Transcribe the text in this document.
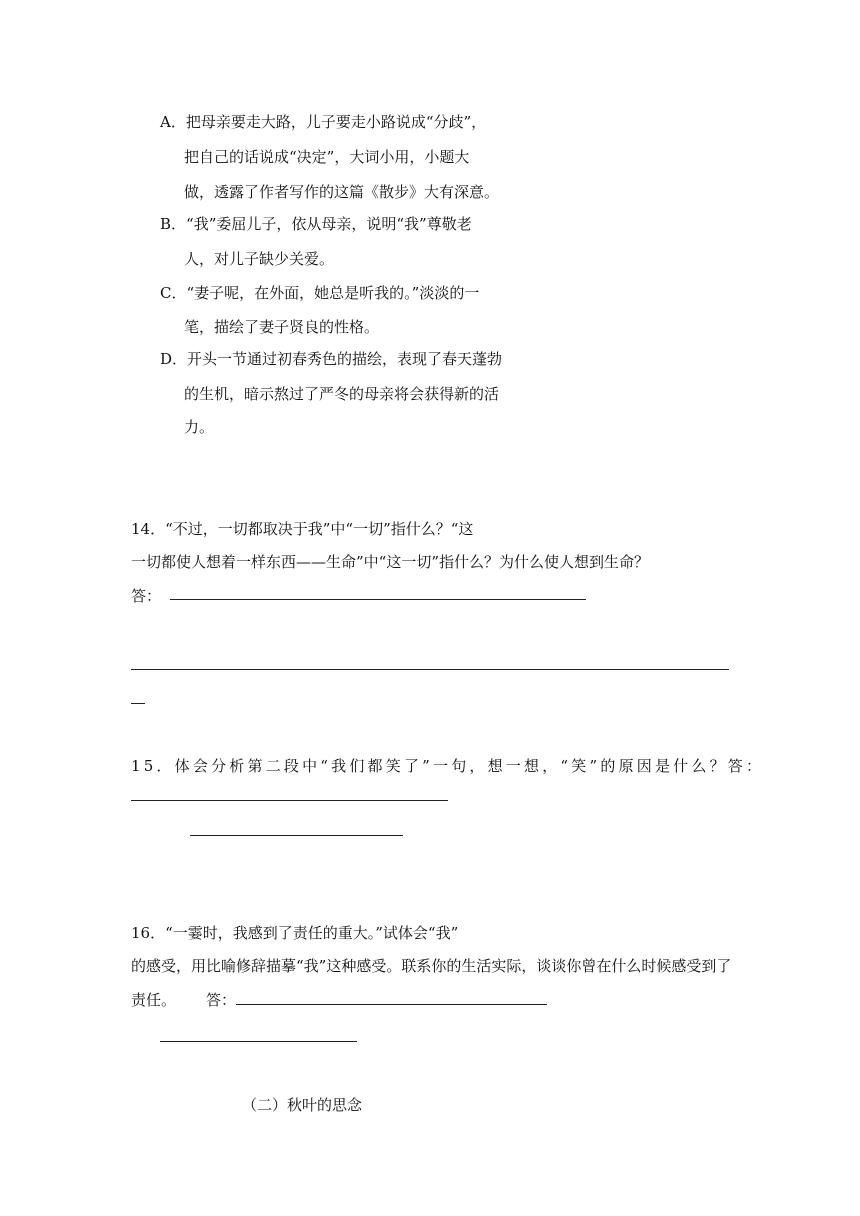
A．把母亲要走大路，儿子要走小路说成“分歧”，
把自己的话说成“决定”，大词小用，小题大
做，透露了作者写作的这篇《散步》大有深意。
B．“我”委屈儿子，依从母亲，说明“我”尊敬老
人，对儿子缺少关爱。
C．“妻子呢，在外面，她总是听我的。”淡淡的一
笔，描绘了妻子贤良的性格。
D．开头一节通过初春秀色的描绘，表现了春天蓬勃
的生机，暗示熬过了严冬的母亲将会获得新的活
力。
14．“不过，一切都取决于我”中“一切”指什么？“这
一切都使人想着一样东西——生命”中“这一切”指什么？为什么使人想到生命？
答：
15．体会分析第二段中“我们都笑了”一句，想一想，“笑”的原因是什么？答：
16．“一霎时，我感到了责任的重大。”试体会“我”
的感受，用比喻修辞描摹“我”这种感受。联系你的生活实际，谈谈你曾在什么时候感受到了
责任。 答：
（二）秋叶的思念
